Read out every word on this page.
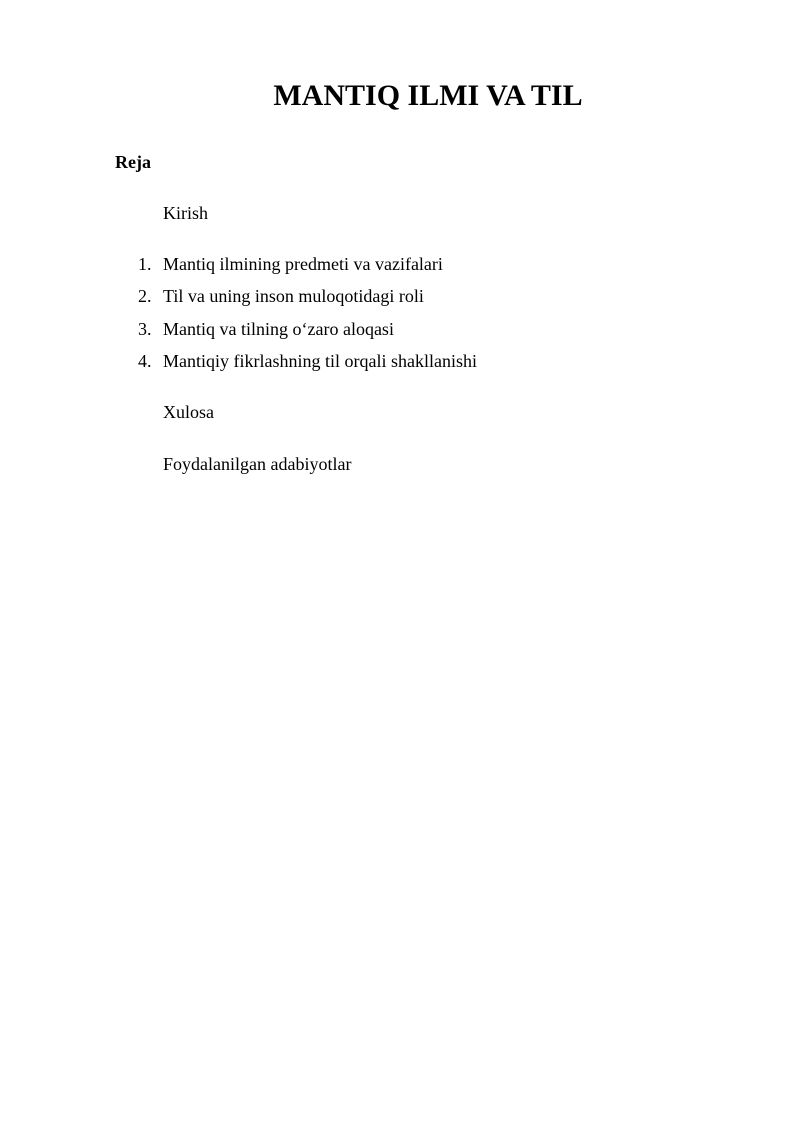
MANTIQ ILMI VA TIL

Reja

Kirish

1. Mantiq ilmining predmeti va vazifalari
2. Til va uning inson muloqotidagi roli
3. Mantiq va tilning o‘zaro aloqasi
4. Mantiqiy fikrlashning til orqali shakllanishi

Xulosa

Foydalanilgan adabiyotlar
